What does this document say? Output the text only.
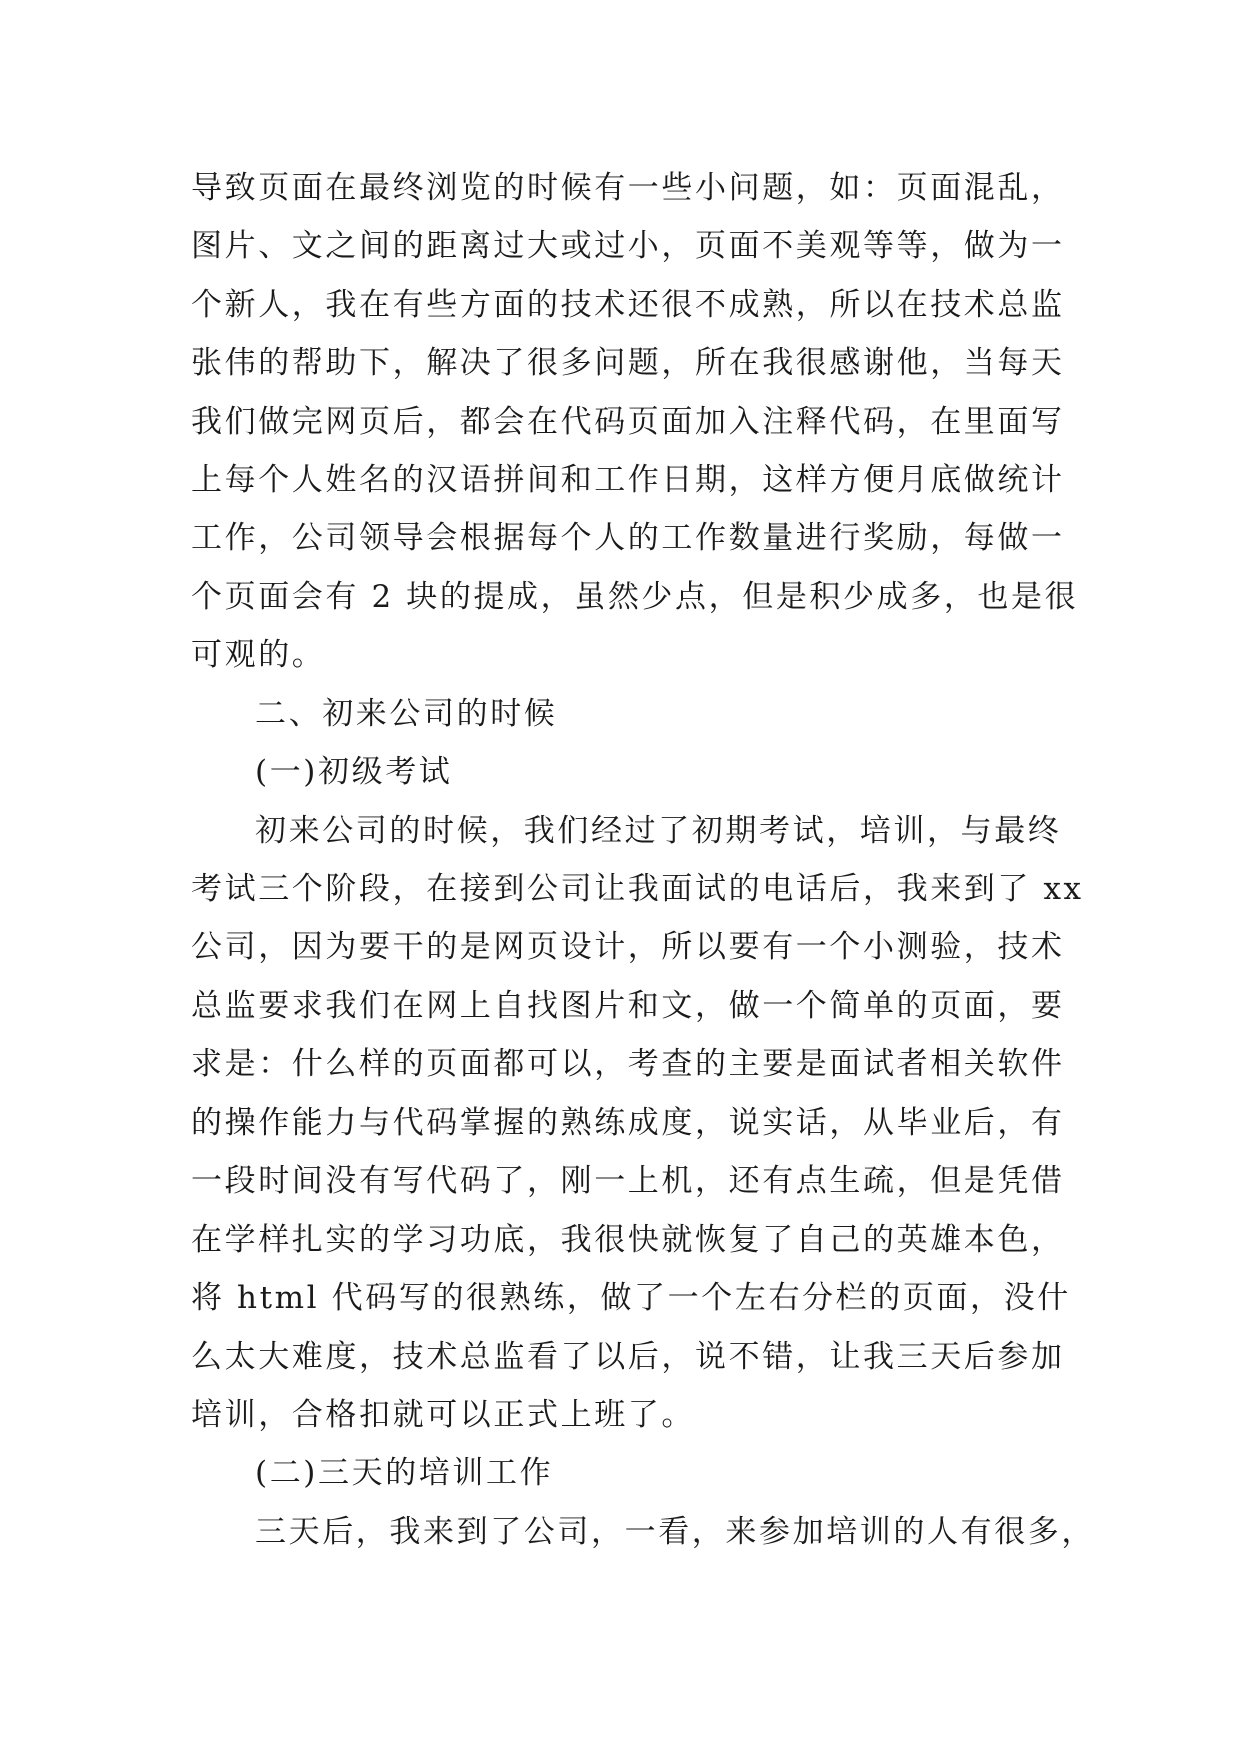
导致页面在最终浏览的时候有一些小问题，如：页面混乱，

图片、文之间的距离过大或过小，页面不美观等等，做为一

个新人，我在有些方面的技术还很不成熟，所以在技术总监

张伟的帮助下，解决了很多问题，所在我很感谢他，当每天

我们做完网页后，都会在代码页面加入注释代码，在里面写

上每个人姓名的汉语拼间和工作日期，这样方便月底做统计

工作，公司领导会根据每个人的工作数量进行奖励，每做一

个页面会有 2 块的提成，虽然少点，但是积少成多，也是很

可观的。

二、初来公司的时候
(一)初级考试

初来公司的时候，我们经过了初期考试，培训，与最终

考试三个阶段，在接到公司让我面试的电话后，我来到了 xx

公司，因为要干的是网页设计，所以要有一个小测验，技术

总监要求我们在网上自找图片和文，做一个简单的页面，要

求是：什么样的页面都可以，考查的主要是面试者相关软件

的操作能力与代码掌握的熟练成度，说实话，从毕业后，有

一段时间没有写代码了，刚一上机，还有点生疏，但是凭借

在学样扎实的学习功底，我很快就恢复了自己的英雄本色，

将 html 代码写的很熟练，做了一个左右分栏的页面，没什

么太大难度，技术总监看了以后，说不错，让我三天后参加

培训，合格扣就可以正式上班了。

(二)三天的培训工作

三天后，我来到了公司，一看，来参加培训的人有很多，
